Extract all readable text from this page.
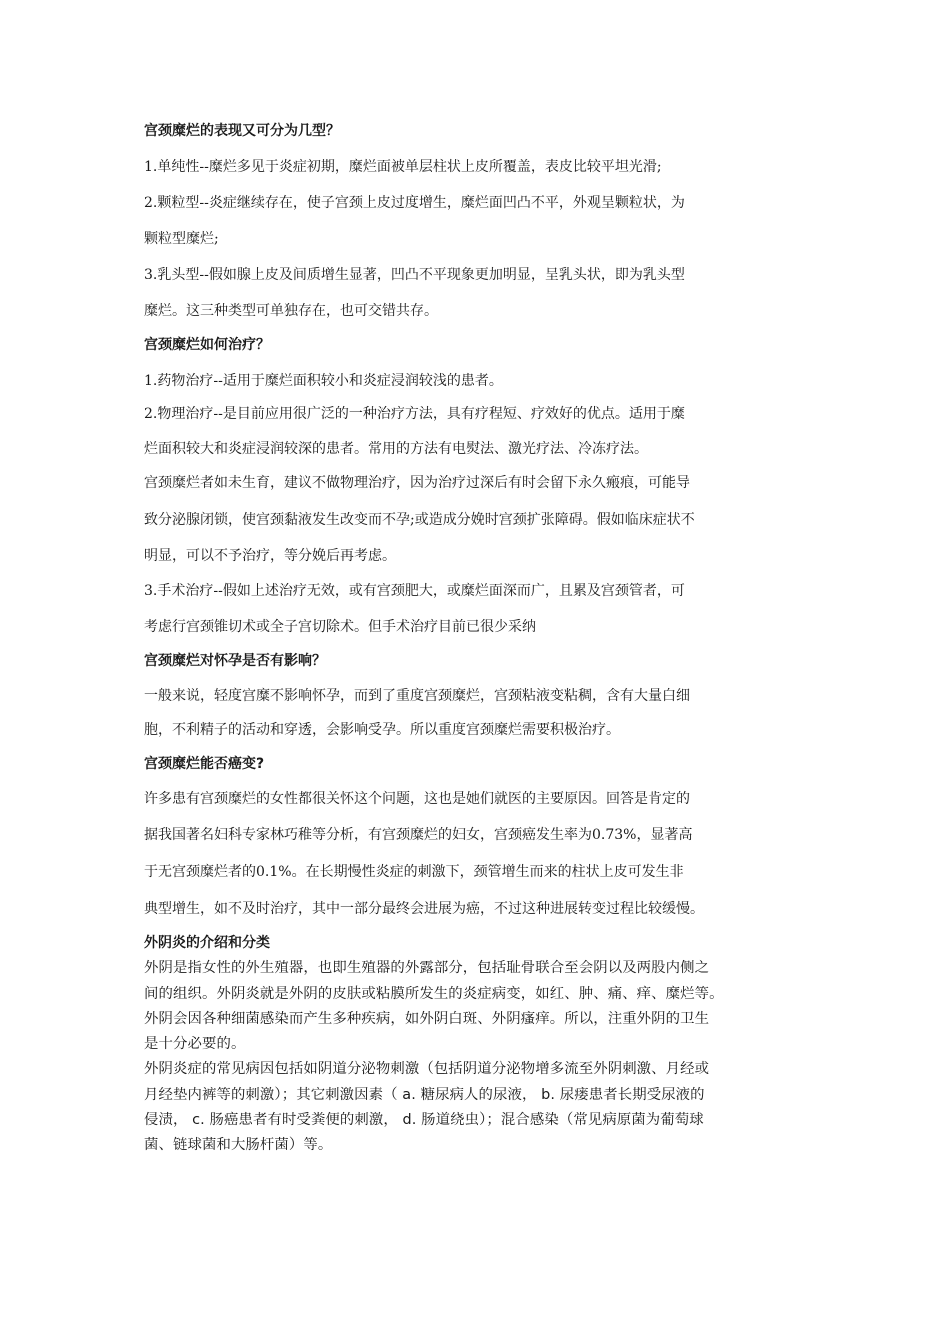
宫颈糜烂的表现又可分为几型？
1.单纯性--糜烂多见于炎症初期，糜烂面被单层柱状上皮所覆盖，表皮比较平坦光滑;
2.颗粒型--炎症继续存在，使子宫颈上皮过度增生，糜烂面凹凸不平，外观呈颗粒状，为
颗粒型糜烂;
3.乳头型--假如腺上皮及间质增生显著，凹凸不平现象更加明显，呈乳头状，即为乳头型
糜烂。这三种类型可单独存在，也可交错共存。
宫颈糜烂如何治疗？
1.药物治疗--适用于糜烂面积较小和炎症浸润较浅的患者。
2.物理治疗--是目前应用很广泛的一种治疗方法，具有疗程短、疗效好的优点。适用于糜
烂面积较大和炎症浸润较深的患者。常用的方法有电熨法、激光疗法、冷冻疗法。
宫颈糜烂者如未生育，建议不做物理治疗，因为治疗过深后有时会留下永久瘢痕，可能导
致分泌腺闭锁，使宫颈黏液发生改变而不孕;或造成分娩时宫颈扩张障碍。假如临床症状不
明显，可以不予治疗，等分娩后再考虑。
3.手术治疗--假如上述治疗无效，或有宫颈肥大，或糜烂面深而广，且累及宫颈管者，可
考虑行宫颈锥切术或全子宫切除术。但手术治疗目前已很少采纳
宫颈糜烂对怀孕是否有影响？
一般来说，轻度宫糜不影响怀孕，而到了重度宫颈糜烂，宫颈粘液变粘稠，含有大量白细
胞，不利精子的活动和穿透，会影响受孕。所以重度宫颈糜烂需要积极治疗。
宫颈糜烂能否癌变?
许多患有宫颈糜烂的女性都很关怀这个问题，这也是她们就医的主要原因。回答是肯定的
据我国著名妇科专家林巧稚等分析，有宫颈糜烂的妇女，宫颈癌发生率为0.73%，显著高
于无宫颈糜烂者的0.1%。在长期慢性炎症的刺激下，颈管增生而来的柱状上皮可发生非
典型增生，如不及时治疗，其中一部分最终会进展为癌，不过这种进展转变过程比较缓慢。
外阴炎的介绍和分类
外阴是指女性的外生殖器，也即生殖器的外露部分，包括耻骨联合至会阴以及两股内侧之
间的组织。外阴炎就是外阴的皮肤或粘膜所发生的炎症病变，如红、肿、痛、痒、糜烂等。
外阴会因各种细菌感染而产生多种疾病，如外阴白斑、外阴瘙痒。所以，注重外阴的卫生
是十分必要的。
外阴炎症的常见病因包括如阴道分泌物刺激（包括阴道分泌物增多流至外阴刺激、月经或
月经垫内裤等的刺激）；其它刺激因素（ a. 糖尿病人的尿液， b. 尿瘘患者长期受尿液的
侵渍， c. 肠癌患者有时受粪便的刺激， d. 肠道绕虫）；混合感染（常见病原菌为葡萄球
菌、链球菌和大肠杆菌）等。
